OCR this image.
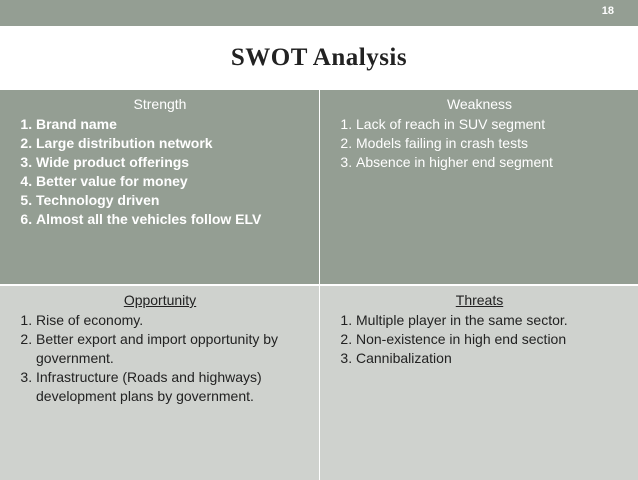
18
SWOT Analysis
Strength
1. Brand name
2. Large distribution network
3. Wide product offerings
4. Better value for money
5. Technology driven
6. Almost all the vehicles follow ELV
Weakness
1. Lack of reach in SUV segment
2. Models failing in crash tests
3. Absence in higher end segment
Opportunity
1. Rise of economy.
2. Better export and import opportunity by government.
3. Infrastructure (Roads and highways) development plans by government.
Threats
1. Multiple player in the same sector.
2. Non-existence in high end section
3. Cannibalization
